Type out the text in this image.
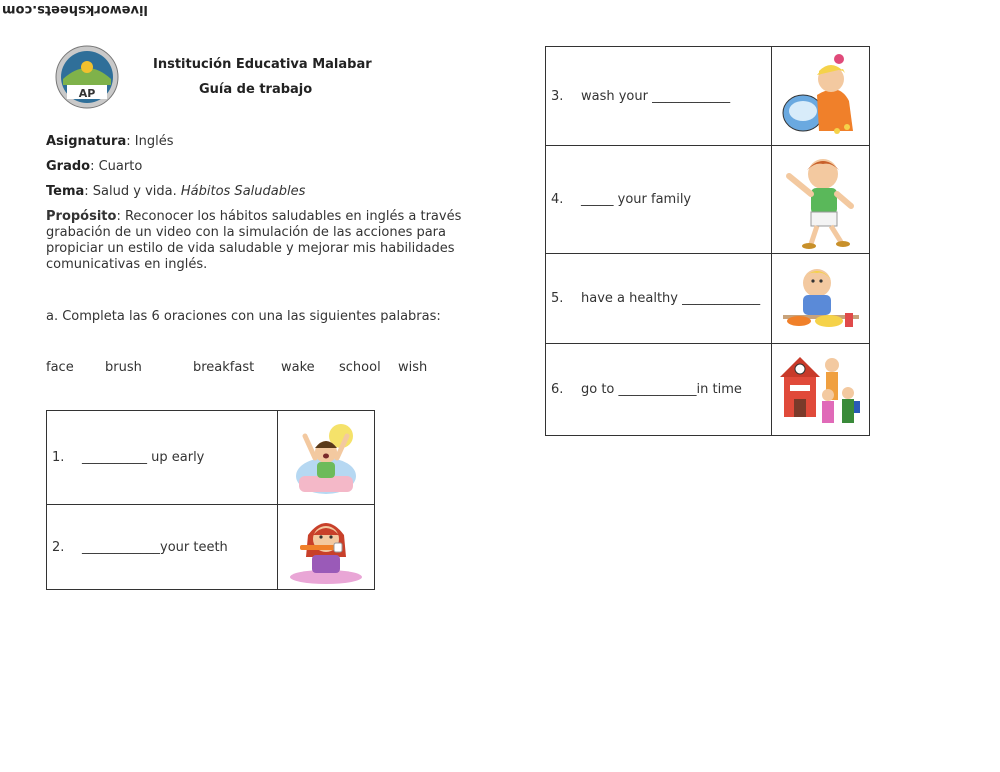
liveworksheets.com
AP
Institución Educativa Malabar
Guía de trabajo
Asignatura: Inglés
Grado: Cuarto
Tema: Salud y vida. Hábitos Saludables
Propósito: Reconocer los hábitos saludables en inglés a través grabación de un video con la simulación de las acciones para propiciar un estilo de vida saludable y mejorar mis habilidades comunicativas en inglés.
a. Completa las 6 oraciones con una las siguientes palabras:
face brush	breakfast wake school wish
1. __________ up early	

2. ____________your teeth	
3. wash your ____________	

4. _____ your family	

5. have a healthy ____________	

6. go to ____________in time	
